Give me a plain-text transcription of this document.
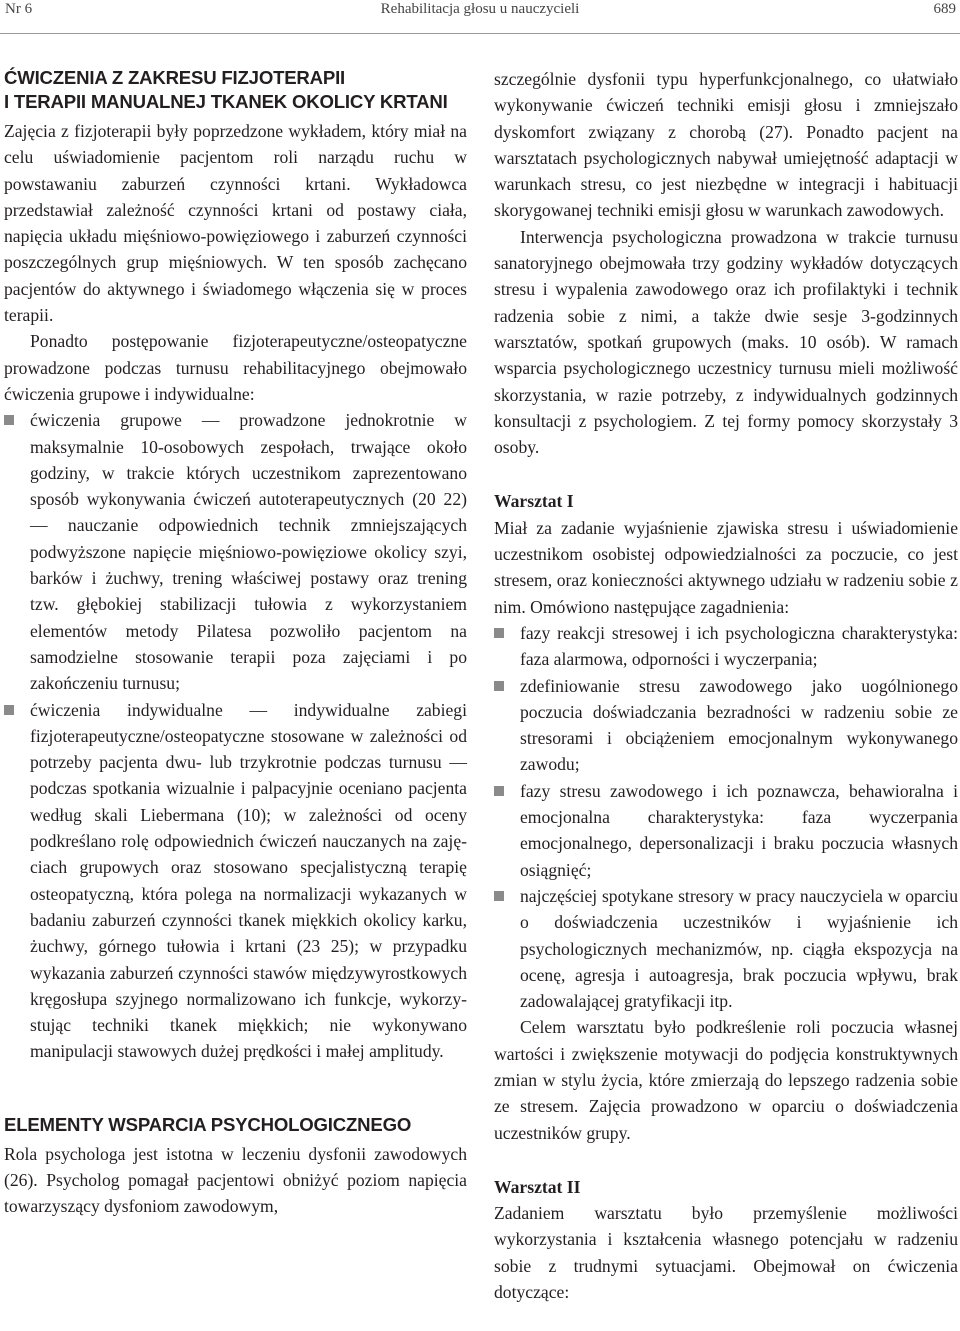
Nr 6	Rehabilitacja głosu u nauczycieli	689
ĆWICZENIA Z ZAKRESU FIZJOTERAPII
I TERAPII MANUALNEJ TKANEK OKOLICY KRTANI

Zajęcia z fizjoterapii były poprzedzone wykładem, który miał na celu uświadomienie pacjentom roli narządu ruchu w powstawaniu zaburzeń czynności krtani. Wykładowca przedstawiał zależność czynności krtani od postawy ciała, napięcia układu mięśniowo-powięziowego i zaburzeń czynności poszczególnych grup mięśniowych. W ten sposób zachęcano pacjentów do aktywnego i świadomego włączenia się w proces terapii.

Ponadto postępowanie fizjoterapeutyczne/osteopatyczne prowadzone podczas turnusu rehabilitacyjnego obejmowało ćwiczenia grupowe i indywidualne:

ćwiczenia grupowe — prowadzone jednokrotnie w maksymalnie 10-osobowych zespołach, trwające około godziny, w trakcie których uczestnikom zaprezentowano sposób wykonywania ćwiczeń autoterapeutycznych (20 22) — nauczanie odpowiednich technik zmniejszających podwyższone napięcie mięśniowo-powięziowe okolicy szyi, barków i żuchwy, trening właściwej postawy oraz trening tzw. głębokiej stabilizacji tułowia z wykorzystaniem elementów metody Pilatesa pozwoliło pacjentom na samodzielne stosowanie terapii poza zajęciami i po zakończeniu turnusu;
ćwiczenia indywidualne — indywidualne zabiegi fizjoterapeutyczne/osteopatyczne stosowane w zależności od potrzeby pacjenta dwu- lub trzykrotnie podczas turnusu — podczas spotkania wizualnie i palpacyjnie oceniano pacjenta według skali Liebermana (10); w zależności od oceny podkreślano rolę odpowiednich ćwiczeń nauczanych na zajęciach grupowych oraz stosowano specjalistyczną terapię osteopatyczną, która polega na normalizacji wykazanych w badaniu zaburzeń czynności tkanek miękkich okolicy karku, żuchwy, górnego tułowia i krtani (23 25); w przypadku wykazania zaburzeń czynności stawów międzywyrostkowych kręgosłupa szyjnego normalizowano ich funkcje, wykorzystując techniki tkanek miękkich; nie wykonywano manipulacji stawowych dużej prędkości i małej amplitudy.
ELEMENTY WSPARCIA PSYCHOLOGICZNEGO

Rola psychologa jest istotna w leczeniu dysfonii zawodowych (26). Psycholog pomagał pacjentowi obniżyć poziom napięcia towarzyszący dysfoniom zawodowym,

szczególnie dysfonii typu hyperfunkcjonalnego, co ułatwiało wykonywanie ćwiczeń techniki emisji głosu i zmniejszało dyskomfort związany z chorobą (27). Ponadto pacjent na warsztatach psychologicznych nabywał umiejętność adaptacji w warunkach stresu, co jest niezbędne w integracji i habituacji skorygowanej techniki emisji głosu w warunkach zawodowych.

Interwencja psychologiczna prowadzona w trakcie turnusu sanatoryjnego obejmowała trzy godziny wykładów dotyczących stresu i wypalenia zawodowego oraz ich profilaktyki i technik radzenia sobie z nimi, a także dwie sesje 3-godzinnych warsztatów, spotkań grupowych (maks. 10 osób). W ramach wsparcia psychologicznego uczestnicy turnusu mieli możliwość skorzystania, w razie potrzeby, z indywidualnych godzinnych konsultacji z psychologiem. Z tej formy pomocy skorzystały 3 osoby.

Warsztat I

Miał za zadanie wyjaśnienie zjawiska stresu i uświadomienie uczestnikom osobistej odpowiedzialności za poczucie, co jest stresem, oraz konieczności aktywnego udziału w radzeniu sobie z nim. Omówiono następujące zagadnienia:

fazy reakcji stresowej i ich psychologiczna charakterystyka: faza alarmowa, odporności i wyczerpania;
zdefiniowanie stresu zawodowego jako uogólnionego poczucia doświadczania bezradności w radzeniu sobie ze stresorami i obciążeniem emocjonalnym wykonywanego zawodu;
fazy stresu zawodowego i ich poznawcza, behawioralna i emocjonalna charakterystyka: faza wyczerpania emocjonalnego, depersonalizacji i braku poczucia własnych osiągnięć;
najczęściej spotykane stresory w pracy nauczyciela w oparciu o doświadczenia uczestników i wyjaśnienie ich psychologicznych mechanizmów, np. ciągła ekspozycja na ocenę, agresja i autoagresja, brak poczucia wpływu, brak zadowalającej gratyfikacji itp.

Celem warsztatu było podkreślenie roli poczucia własnej wartości i zwiększenie motywacji do podjęcia konstruktywnych zmian w stylu życia, które zmierzają do lepszego radzenia sobie ze stresem. Zajęcia prowadzono w oparciu o doświadczenia uczestników grupy.

Warsztat II

Zadaniem warsztatu było przemyślenie możliwości wykorzystania i kształcenia własnego potencjału w radzeniu sobie z trudnymi sytuacjami. Obejmował on ćwiczenia dotyczące:
